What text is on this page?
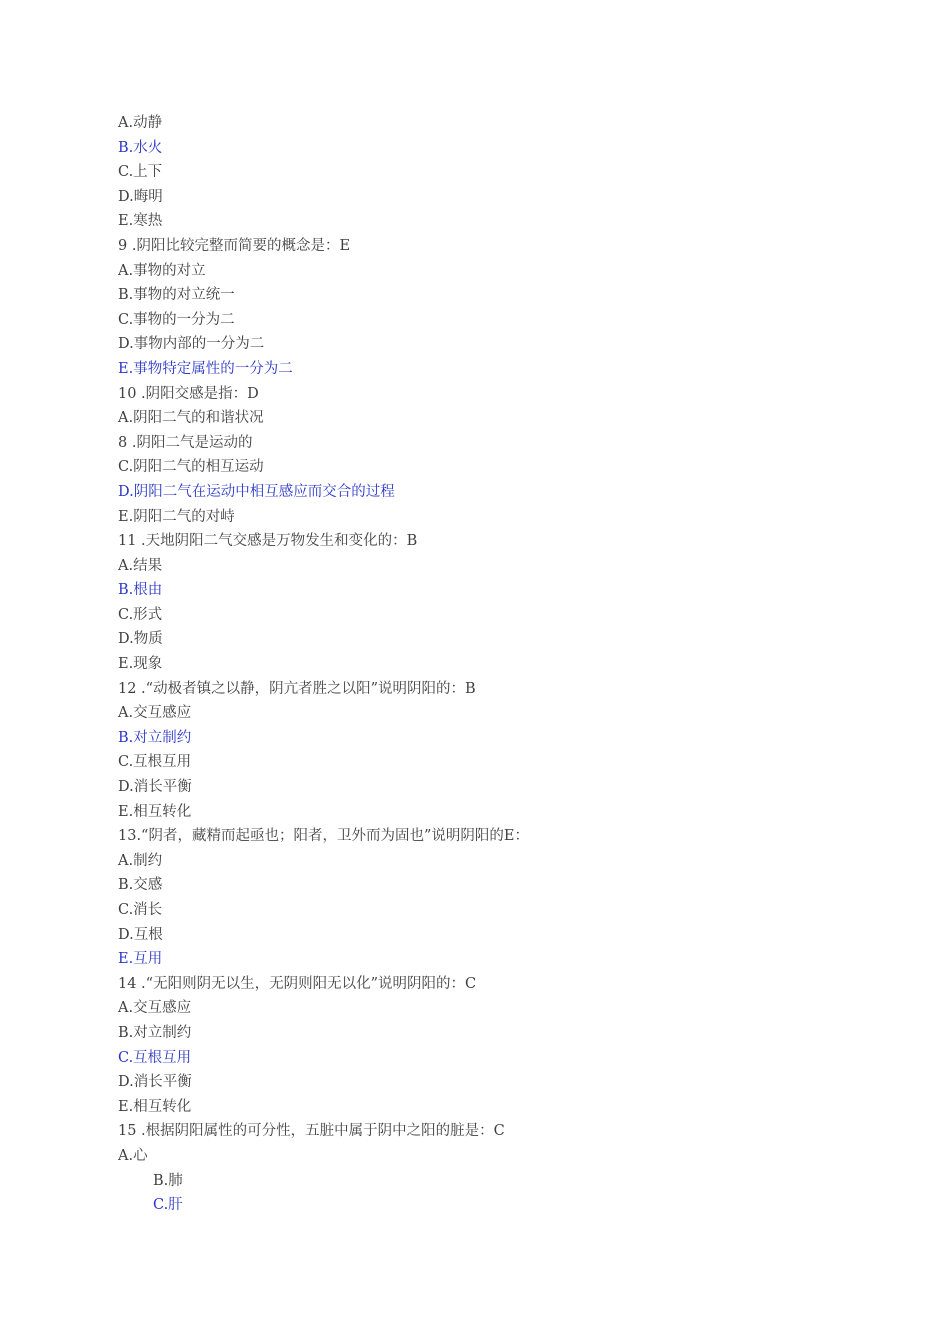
A.动静
B.水火
C.上下
D.晦明
E.寒热
9 .阴阳比较完整而简要的概念是：E
A.事物的对立
B.事物的对立统一
C.事物的一分为二
D.事物内部的一分为二
E.事物特定属性的一分为二
10 .阴阳交感是指：D
A.阴阳二气的和谐状况
8 .阴阳二气是运动的
C.阴阳二气的相互运动
D.阴阳二气在运动中相互感应而交合的过程
E.阴阳二气的对峙
11 .天地阴阳二气交感是万物发生和变化的：B
A.结果
B.根由
C.形式
D.物质
E.现象
12 .“动极者镇之以静，阴亢者胜之以阳”说明阴阳的：B
A.交互感应
B.对立制约
C.互根互用
D.消长平衡
E.相互转化
13.“阴者，藏精而起亟也；阳者，卫外而为固也”说明阴阳的E：
A.制约
B.交感
C.消长
D.互根
E.互用
14 .“无阳则阴无以生，无阴则阳无以化”说明阴阳的：C
A.交互感应
B.对立制约
C.互根互用
D.消长平衡
E.相互转化
15 .根据阴阳属性的可分性，五脏中属于阴中之阳的脏是：C
A.心
B.肺
C.肝
